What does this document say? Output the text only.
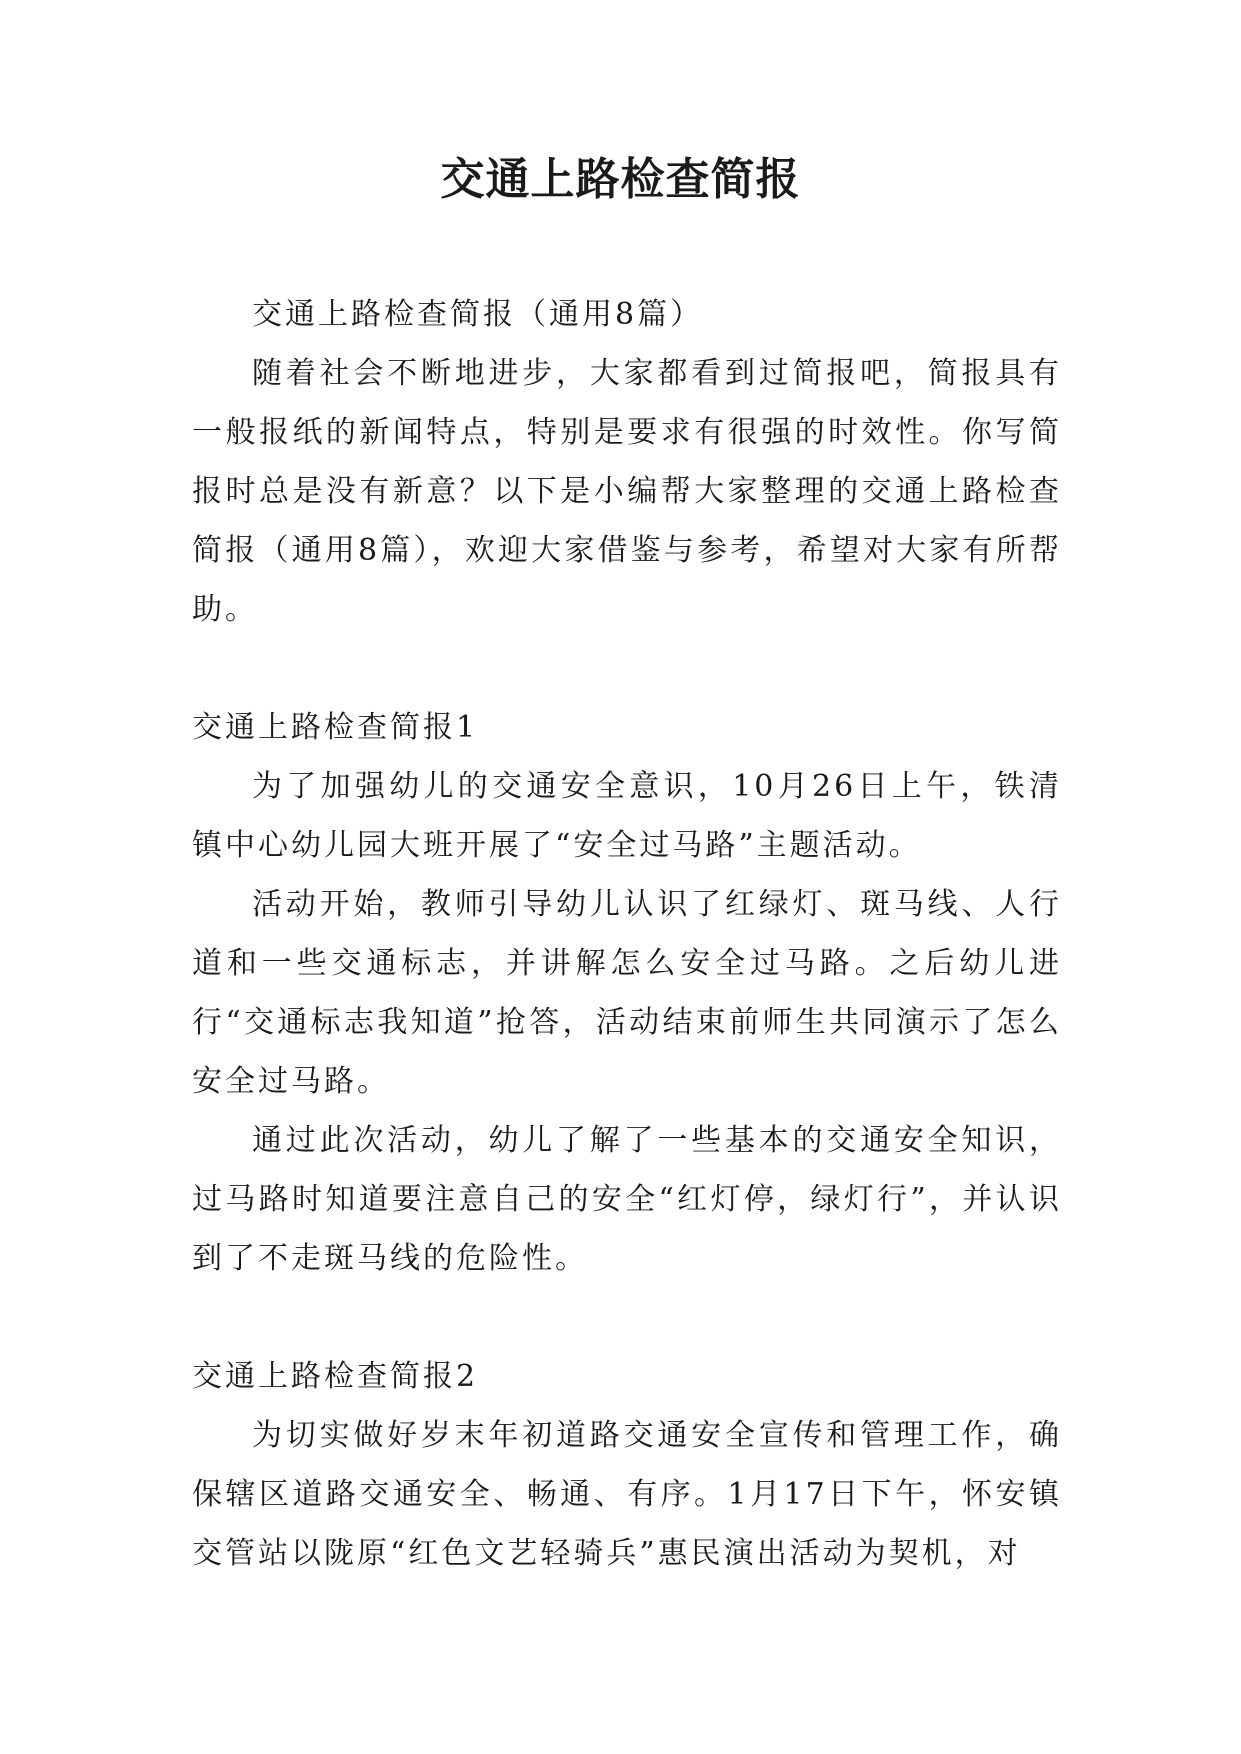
交通上路检查简报

交通上路检查简报（通用8篇）

随着社会不断地进步，大家都看到过简报吧，简报具有一般报纸的新闻特点，特别是要求有很强的时效性。你写简报时总是没有新意？以下是小编帮大家整理的交通上路检查简报（通用8篇），欢迎大家借鉴与参考，希望对大家有所帮助。

交通上路检查简报1

为了加强幼儿的交通安全意识，10月26日上午，铁清镇中心幼儿园大班开展了“安全过马路”主题活动。

活动开始，教师引导幼儿认识了红绿灯、斑马线、人行道和一些交通标志，并讲解怎么安全过马路。之后幼儿进行“交通标志我知道”抢答，活动结束前师生共同演示了怎么安全过马路。

通过此次活动，幼儿了解了一些基本的交通安全知识，过马路时知道要注意自己的安全“红灯停，绿灯行”，并认识到了不走斑马线的危险性。

交通上路检查简报2

为切实做好岁末年初道路交通安全宣传和管理工作，确保辖区道路交通安全、畅通、有序。1月17日下午，怀安镇交管站以陇原“红色文艺轻骑兵”惠民演出活动为契机，对
